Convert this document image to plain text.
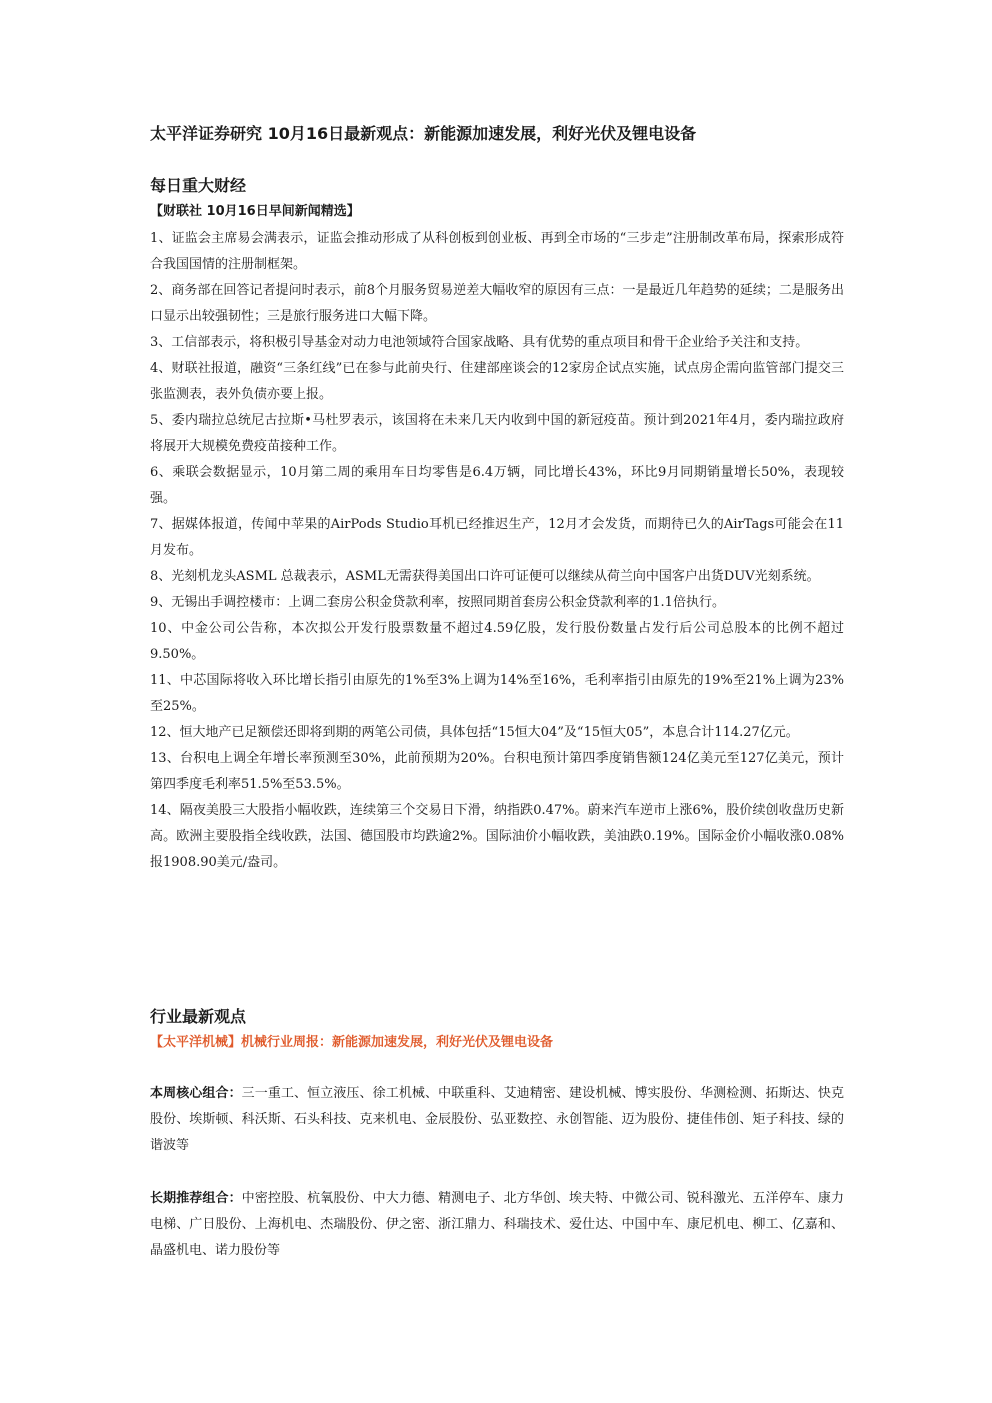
太平洋证券研究 10月16日最新观点：新能源加速发展，利好光伏及锂电设备
每日重大财经
【财联社 10月16日早间新闻精选】
1、证监会主席易会满表示，证监会推动形成了从科创板到创业板、再到全市场的“三步走”注册制改革布局，探索形成符合我国国情的注册制框架。
2、商务部在回答记者提问时表示，前8个月服务贸易逆差大幅收窄的原因有三点：一是最近几年趋势的延续；二是服务出口显示出较强韧性；三是旅行服务进口大幅下降。
3、工信部表示，将积极引导基金对动力电池领域符合国家战略、具有优势的重点项目和骨干企业给予关注和支持。
4、财联社报道，融资“三条红线”已在参与此前央行、住建部座谈会的12家房企试点实施，试点房企需向监管部门提交三张监测表，表外负债亦要上报。
5、委内瑞拉总统尼古拉斯•马杜罗表示，该国将在未来几天内收到中国的新冠疫苗。预计到2021年4月，委内瑞拉政府将展开大规模免费疫苗接种工作。
6、乘联会数据显示，10月第二周的乘用车日均零售是6.4万辆，同比增长43%，环比9月同期销量增长50%，表现较强。
7、据媒体报道，传闻中苹果的AirPods Studio耳机已经推迟生产，12月才会发货，而期待已久的AirTags可能会在11月发布。
8、光刻机龙头ASML 总裁表示，ASML无需获得美国出口许可证便可以继续从荷兰向中国客户出货DUV光刻系统。
9、无锡出手调控楼市：上调二套房公积金贷款利率，按照同期首套房公积金贷款利率的1.1倍执行。
10、中金公司公告称，本次拟公开发行股票数量不超过4.59亿股，发行股份数量占发行后公司总股本的比例不超过9.50%。
11、中芯国际将收入环比增长指引由原先的1%至3%上调为14%至16%，毛利率指引由原先的19%至21%上调为23%至25%。
12、恒大地产已足额偿还即将到期的两笔公司债，具体包括“15恒大04”及“15恒大05”，本息合计114.27亿元。
13、台积电上调全年增长率预测至30%，此前预期为20%。台积电预计第四季度销售额124亿美元至127亿美元，预计第四季度毛利率51.5%至53.5%。
14、隔夜美股三大股指小幅收跌，连续第三个交易日下滑，纳指跌0.47%。蔚来汽车逆市上涨6%，股价续创收盘历史新高。欧洲主要股指全线收跌，法国、德国股市均跌逾2%。国际油价小幅收跌，美油跌0.19%。国际金价小幅收涨0.08%报1908.90美元/盎司。
行业最新观点
【太平洋机械】机械行业周报：新能源加速发展，利好光伏及锂电设备

本周核心组合：三一重工、恒立液压、徐工机械、中联重科、艾迪精密、建设机械、博实股份、华测检测、拓斯达、快克股份、埃斯顿、科沃斯、石头科技、克来机电、金辰股份、弘亚数控、永创智能、迈为股份、捷佳伟创、矩子科技、绿的谐波等

长期推荐组合：中密控股、杭氧股份、中大力德、精测电子、北方华创、埃夫特、中微公司、锐科激光、五洋停车、康力电梯、广日股份、上海机电、杰瑞股份、伊之密、浙江鼎力、科瑞技术、爱仕达、中国中车、康尼机电、柳工、亿嘉和、晶盛机电、诺力股份等
